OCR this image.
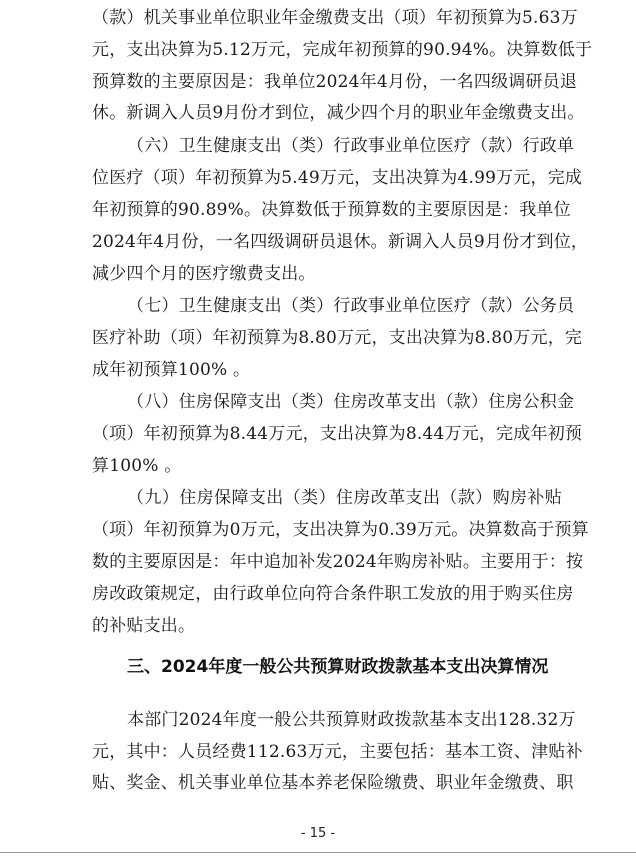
（款）机关事业单位职业年金缴费支出（项）年初预算为5.63万
元，支出决算为5.12万元，完成年初预算的90.94%。决算数低于
预算数的主要原因是：我单位2024年4月份，一名四级调研员退
休。新调入人员9月份才到位，减少四个月的职业年金缴费支出。
（六）卫生健康支出（类）行政事业单位医疗（款）行政单
位医疗（项）年初预算为5.49万元，支出决算为4.99万元，完成
年初预算的90.89%。决算数低于预算数的主要原因是：我单位
2024年4月份，一名四级调研员退休。新调入人员9月份才到位，
减少四个月的医疗缴费支出。
（七）卫生健康支出（类）行政事业单位医疗（款）公务员
医疗补助（项）年初预算为8.80万元，支出决算为8.80万元，完
成年初预算100% 。
（八）住房保障支出（类）住房改革支出（款）住房公积金
（项）年初预算为8.44万元，支出决算为8.44万元，完成年初预
算100% 。
（九）住房保障支出（类）住房改革支出（款）购房补贴
（项）年初预算为0万元，支出决算为0.39万元。决算数高于预算
数的主要原因是：年中追加补发2024年购房补贴。主要用于：按
房改政策规定，由行政单位向符合条件职工发放的用于购买住房
的补贴支出。
三、2024年度一般公共预算财政拨款基本支出决算情况
本部门2024年度一般公共预算财政拨款基本支出128.32万
元，其中：人员经费112.63万元，主要包括：基本工资、津贴补
贴、奖金、机关事业单位基本养老保险缴费、职业年金缴费、职
- 15 -
